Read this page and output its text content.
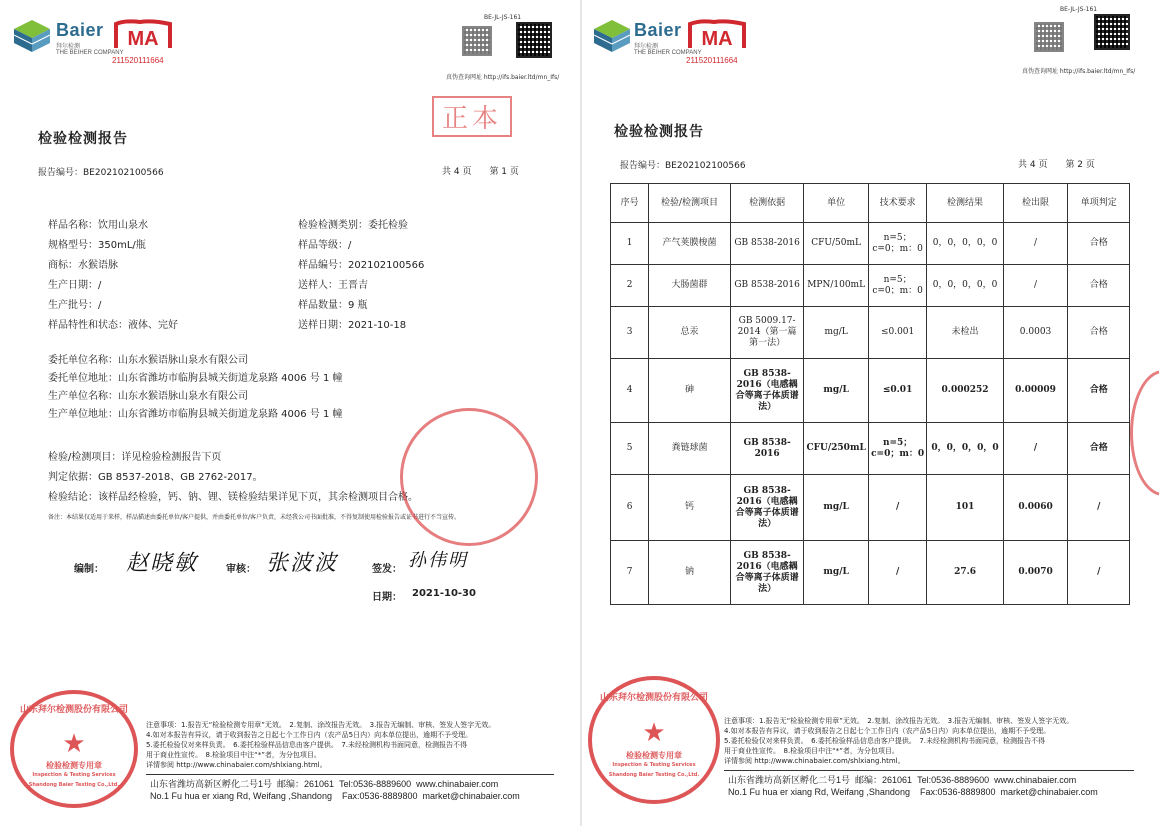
Baier
拜尔检测
THE BEIHER COMPANY
MA
211520111664
BE-JL-JS-161
真伪查询网址 http://ifs.baier.ltd/mn_Ifs/
正本
检验检测报告
报告编号：BE202102100566	共 4 页　　第 1 页
样品名称：饮用山泉水
规格型号：350mL/瓶
商标：水猴语脉
生产日期：/
生产批号：/
样品特性和状态：液体、完好
检验检测类别：委托检验
样品等级：/
样品编号：202102100566
送样人：王晋吉
样品数量：9 瓶
送样日期：2021-10-18
委托单位名称：山东水猴语脉山泉水有限公司
委托单位地址：山东省潍坊市临朐县城关街道龙泉路 4006 号 1 幢
生产单位名称：山东水猴语脉山泉水有限公司
生产单位地址：山东省潍坊市临朐县城关街道龙泉路 4006 号 1 幢
检验/检测项目：详见检验检测报告下页
判定依据：GB 8537-2018、GB 2762-2017。
检验结论：该样品经检验，钙、钠、锂、镁检验结果详见下页，其余检测项目合格。
备注：本结果仅适用于来样，样品描述由委托单位/客户提供，并由委托单位/客户负责，未经我公司书面批准，不得复制使用检验报告或证书进行不当宣传。
编制： 赵晓敏	审核： 张波波	签发： 孙伟明
日期： 2021-10-30
山东拜尔检测股份有限公司
★
检验检测专用章
Inspection & Testing Services
Shandong Baier Testing Co.,Ltd.
注意事项：1.报告无“检验检测专用章”无效。　2.复制、涂改报告无效。　3.报告无编制、审核、签发人签字无效。
4.如对本报告有异议，请于收到报告之日起七个工作日内（农产品5日内）向本单位提出，逾期不予受理。
5.委托检验仅对来样负责。　6.委托检验样品信息由客户提供。　7.未经检测机构书面同意，检测报告不得
用于商业性宣传。　8.检验项目中注“*”者，为分包项目。
详情参阅 http://www.chinabaier.com/shlxiang.html。
山东省潍坊高新区孵化二号1号 邮编：261061 Tel:0536-8889600 www.chinabaier.com
No.1 Fu hua er xiang Rd, Weifang ,Shandong Fax:0536-8889800 market@chinabaier.com
Baier
拜尔检测
THE BEIHER COMPANY
MA
211520111664
BE-JL-JS-161
真伪查询网址 http://ifs.baier.ltd/mn_Ifs/
检验检测报告
报告编号：BE202102100566	共 4 页　　第 2 页
序号	检验/检测项目	检测依据	单位	技术要求	检测结果	检出限	单项判定
1	产气荚膜梭菌	GB 8538-2016	CFU/50mL	n=5；c=0；m：0	0，0，0，0，0	/	合格
2	大肠菌群	GB 8538-2016	MPN/100mL	n=5；c=0；m：0	0，0，0，0，0	/	合格
3	总汞	GB 5009.17-2014（第一篇 第一法）	mg/L	≤0.001	未检出	0.0003	合格
4	砷	GB 8538-2016（电感耦合等离子体质谱法）	mg/L	≤0.01	0.000252	0.00009	合格
5	粪链球菌	GB 8538-2016	CFU/250mL	n=5；c=0；m：0	0，0，0，0，0	/	合格
6	钙	GB 8538-2016（电感耦合等离子体质谱法）	mg/L	/	101	0.0060	/
7	钠	GB 8538-2016（电感耦合等离子体质谱法）	mg/L	/	27.6	0.0070	/
山东拜尔检测股份有限公司
★
检验检测专用章
Inspection & Testing Services
Shandong Baier Testing Co.,Ltd.
注意事项：1.报告无“检验检测专用章”无效。　2.复制、涂改报告无效。　3.报告无编制、审核、签发人签字无效。
4.如对本报告有异议，请于收到报告之日起七个工作日内（农产品5日内）向本单位提出，逾期不予受理。
5.委托检验仅对来样负责。　6.委托检验样品信息由客户提供。　7.未经检测机构书面同意，检测报告不得
用于商业性宣传。　8.检验项目中注“*”者，为分包项目。
详情参阅 http://www.chinabaier.com/shlxiang.html。
山东省潍坊高新区孵化二号1号 邮编：261061 Tel:0536-8889600 www.chinabaier.com
No.1 Fu hua er xiang Rd, Weifang ,Shandong Fax:0536-8889800 market@chinabaier.com
